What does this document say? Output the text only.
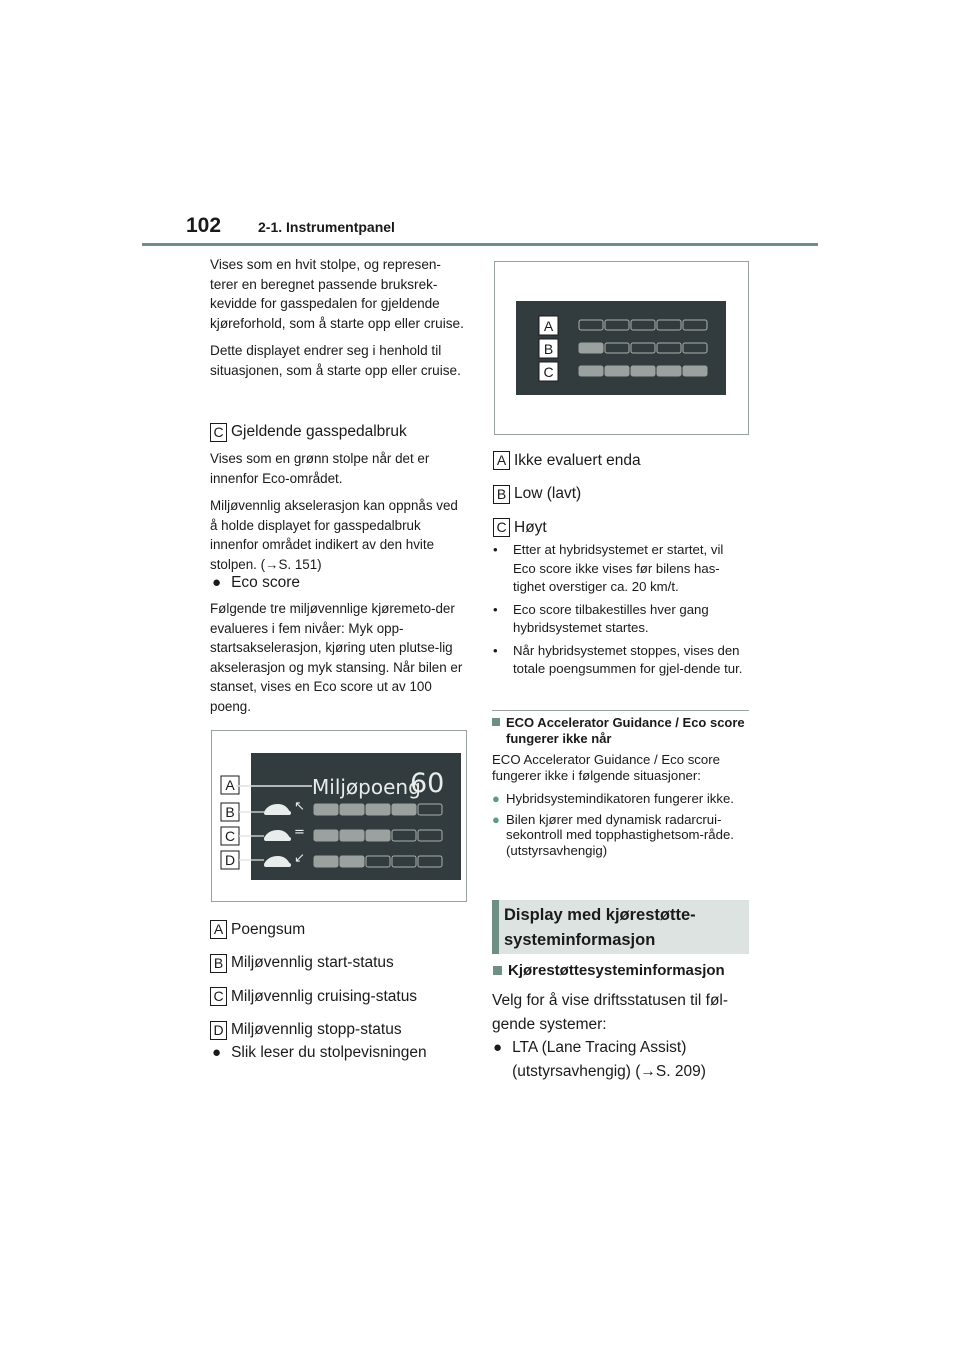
102	2-1. Instrumentpanel

Vises som en hvit stolpe, og represen-terer en beregnet passende bruksrek-kevidde for gasspedalen for gjeldende kjøreforhold, som å starte opp eller cruise.

Dette displayet endrer seg i henhold til situasjonen, som å starte opp eller cruise.

C Gjeldende gasspedalbruk

Vises som en grønn stolpe når det er innenfor Eco-området.

Miljøvennlig akselerasjon kan oppnås ved å holde displayet for gasspedalbruk innenfor området indikert av den hvite stolpen. (→S. 151)

● Eco score

Følgende tre miljøvennlige kjøremeto-der evalueres i fem nivåer: Myk opp-startsakselerasjon, kjøring uten plutse-lig akselerasjon og myk stansing. Når bilen er stanset, vises en Eco score ut av 100 poeng.

A
B
C
D
Miljøpoeng
60
↖
=
↙
A Poengsum
B Miljøvennlig start-status
C Miljøvennlig cruising-status
D Miljøvennlig stopp-status
● Slik leser du stolpevisningen
A
B
C
A Ikke evaluert enda
B Low (lavt)
C Høyt
•	Etter at hybridsystemet er startet, vil Eco score ikke vises før bilens has-tighet overstiger ca. 20 km/t.
•	Eco score tilbakestilles hver gang hybridsystemet startes.
•	Når hybridsystemet stoppes, vises den totale poengsummen for gjel-dende tur.
ECO Accelerator Guidance / Eco score fungerer ikke når
ECO Accelerator Guidance / Eco score fungerer ikke i følgende situasjoner:
● Hybridsystemindikatoren fungerer ikke.
● Bilen kjører med dynamisk radarcrui-sekontroll med topphastighetsom-råde. (utstyrsavhengig)
Display med kjørestøtte-systeminformasjon
Kjørestøttesysteminformasjon
Velg for å vise driftsstatusen til føl-gende systemer:
● LTA (Lane Tracing Assist) (utstyrsavhengig) (→S. 209)
